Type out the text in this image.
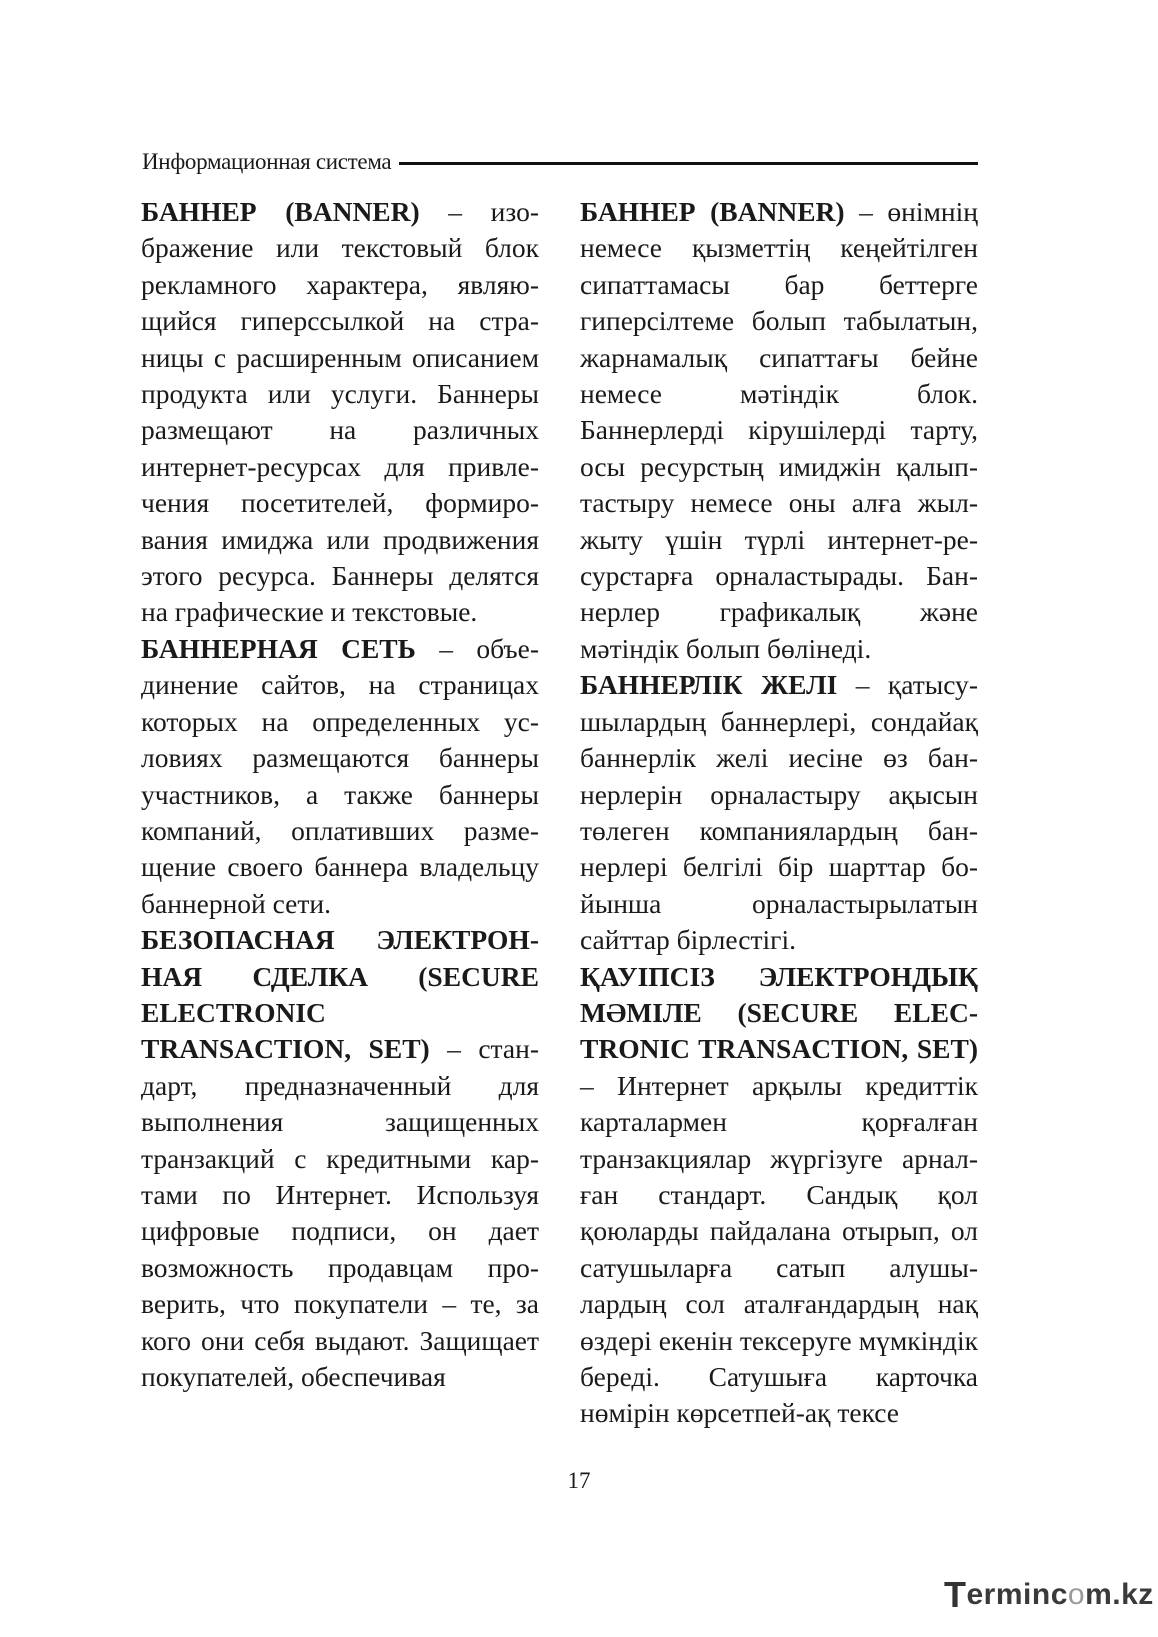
Информационная система

БАННЕР (BANNER) – изображение или текстовый блок рекламного характера, являющийся гиперссылкой на страницы с расширенным описанием продукта или услуги. Баннеры размещают на различных интернет-ресурсах для привлечения посетителей, формирования имиджа или продвижения этого ресурса. Баннеры делятся на графические и текстовые.

БАННЕРНАЯ СЕТЬ – объединение сайтов, на страницах которых на определенных условиях размещаются баннеры участников, а также баннеры компаний, оплативших размещение своего баннера владельцу баннерной сети.

БЕЗОПАСНАЯ ЭЛЕКТРОННАЯ СДЕЛКА (SECURE ELECTRONIC TRANSACTION, SET) – стандарт, предназначенный для выполнения защищенных транзакций с кредитными картами по Интернет. Используя цифровые подписи, он дает возможность продавцам проверить, что покупатели – те, за кого они себя выдают. Защищает покупателей, обеспечивая

БАННЕР (BANNER) – өнімнің немесе қызметтің кеңейтілген сипаттамасы бар беттерге гиперсілтеме болып табылатын, жарнамалық сипаттағы бейне немесе мәтіндік блок. Баннерлерді кірушілерді тарту, осы ресурстың имиджін қалыптастыру немесе оны алға жылжыту үшін түрлі интернет-ресурстарға орналастырады. Баннерлер графикалық және мәтіндік болып бөлінеді.

БАННЕРЛІК ЖЕЛІ – қатысушылардың баннерлері, сондайақ баннерлік желі иесіне өз баннерлерін орналастыру ақысын төлеген компаниялардың баннерлері белгілі бір шарттар бойынша орналастырылатын сайттар бірлестігі.

ҚАУІПСІЗ ЭЛЕКТРОНДЫҚ МӘМІЛЕ (SECURE ELECTRONIC TRANSACTION, SET) – Интернет арқылы кредиттік карталармен қорғалған транзакциялар жүргізуге арналған стандарт. Сандық қол қоюларды пайдалана отырып, ол сатушыларға сатып алушылардың сол аталғандардың нақ өздері екенін тексеруге мүмкіндік береді. Сатушыға карточка нөмірін көрсетпей-ақ тексе

17
T erminc o m.kz
